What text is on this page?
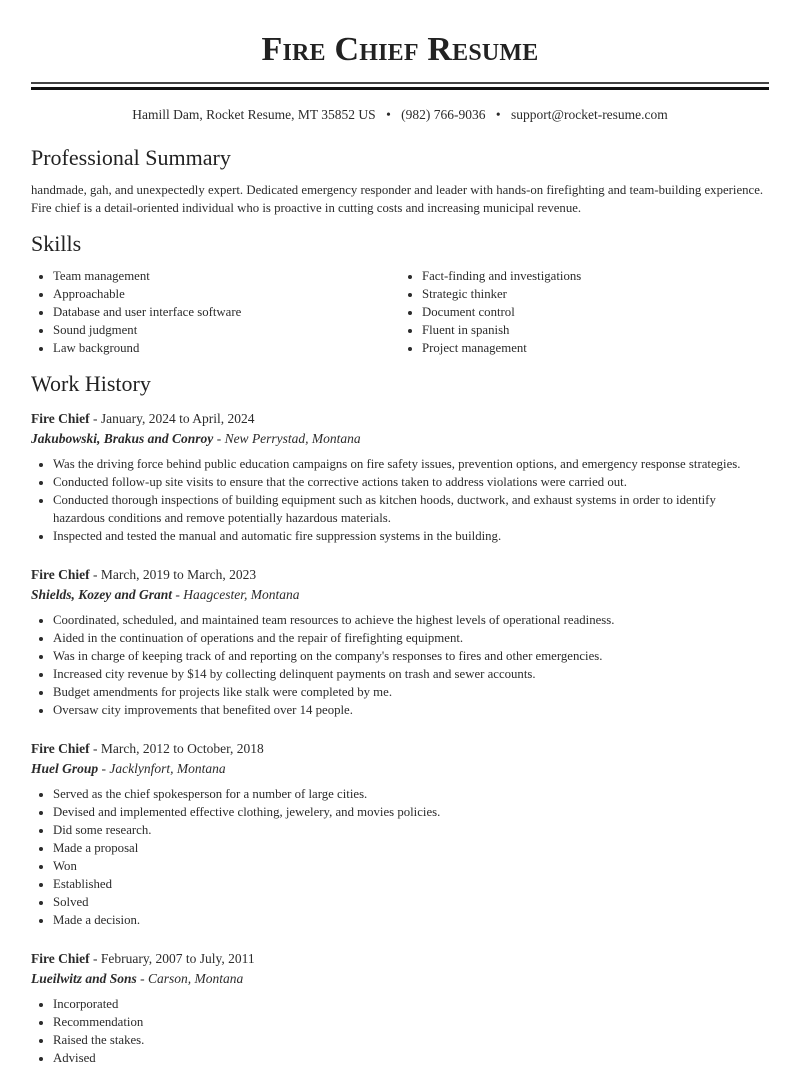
Fire Chief Resume
Hamill Dam, Rocket Resume, MT 35852 US • (982) 766-9036 • support@rocket-resume.com
Professional Summary
handmade, gah, and unexpectedly expert. Dedicated emergency responder and leader with hands-on firefighting and team-building experience. Fire chief is a detail-oriented individual who is proactive in cutting costs and increasing municipal revenue.
Skills
• Team management
• Approachable
• Database and user interface software
• Sound judgment
• Law background
• Fact-finding and investigations
• Strategic thinker
• Document control
• Fluent in spanish
• Project management
Work History
Fire Chief - January, 2024 to April, 2024
Jakubowski, Brakus and Conroy - New Perrystad, Montana
• Was the driving force behind public education campaigns on fire safety issues, prevention options, and emergency response strategies.
• Conducted follow-up site visits to ensure that the corrective actions taken to address violations were carried out.
• Conducted thorough inspections of building equipment such as kitchen hoods, ductwork, and exhaust systems in order to identify hazardous conditions and remove potentially hazardous materials.
• Inspected and tested the manual and automatic fire suppression systems in the building.
Fire Chief - March, 2019 to March, 2023
Shields, Kozey and Grant - Haagcester, Montana
• Coordinated, scheduled, and maintained team resources to achieve the highest levels of operational readiness.
• Aided in the continuation of operations and the repair of firefighting equipment.
• Was in charge of keeping track of and reporting on the company's responses to fires and other emergencies.
• Increased city revenue by $14 by collecting delinquent payments on trash and sewer accounts.
• Budget amendments for projects like stalk were completed by me.
• Oversaw city improvements that benefited over 14 people.
Fire Chief - March, 2012 to October, 2018
Huel Group - Jacklynfort, Montana
• Served as the chief spokesperson for a number of large cities.
• Devised and implemented effective clothing, jewelery, and movies policies.
• Did some research.
• Made a proposal
• Won
• Established
• Solved
• Made a decision.
Fire Chief - February, 2007 to July, 2011
Lueilwitz and Sons - Carson, Montana
• Incorporated
• Recommendation
• Raised the stakes.
• Advised
